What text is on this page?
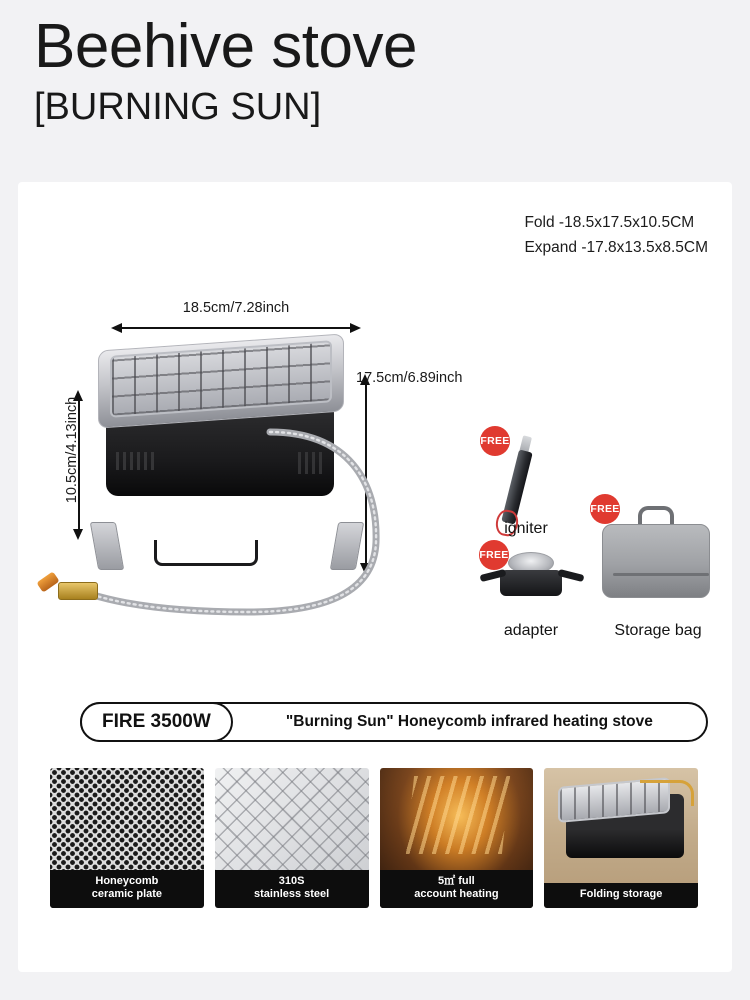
Beehive stove
[BURNING SUN]
Fold -18.5x17.5x10.5CM
Expand -17.8x13.5x8.5CM
18.5cm/7.28inch
10.5cm/4.13inch
17.5cm/6.89inch
FREE
igniter
FREE
adapter
FREE
Storage bag
FIRE 3500W	"Burning Sun" Honeycomb infrared heating stove
Honeycomb
ceramic plate
310S
stainless steel
5㎡ full
account heating	Folding storage
